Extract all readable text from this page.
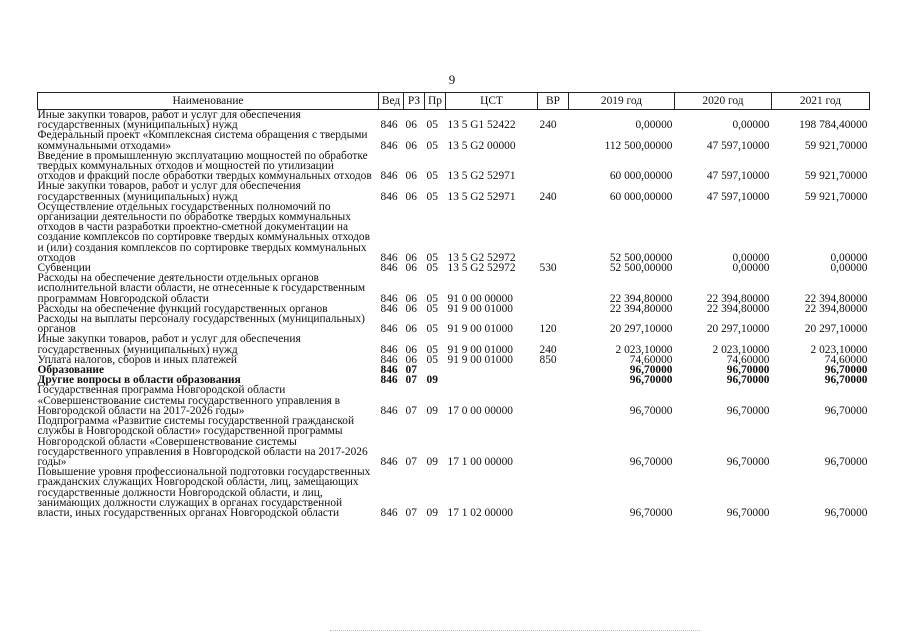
9
Наименование	Вед	РЗ	Пр	ЦСТ	ВР	2019 год	2020 год	2021 год
Иные закупки товаров, работ и услуг для обеспечения государственных (муниципальных) нужд	846	06	05	13 5 G1 52422	240	0,00000	0,00000	198 784,40000
Федеральный проект «Комплексная система обращения с твердыми коммунальными отходами»	846	06	05	13 5 G2 00000		112 500,00000	47 597,10000	59 921,70000
Введение в промышленную эксплуатацию мощностей по обработке твердых коммунальных отходов и мощностей по утилизации отходов и фракций после обработки твердых коммунальных отходов	846	06	05	13 5 G2 52971		60 000,00000	47 597,10000	59 921,70000
Иные закупки товаров, работ и услуг для обеспечения государственных (муниципальных) нужд	846	06	05	13 5 G2 52971	240	60 000,00000	47 597,10000	59 921,70000
Осуществление отдельных государственных полномочий по организации деятельности по обработке твердых коммунальных отходов в части разработки проектно-сметной документации на создание комплексов по сортировке твердых коммунальных отходов и (или) создания комплексов по сортировке твердых коммунальных отходов	846	06	05	13 5 G2 52972		52 500,00000	0,00000	0,00000
Субвенции	846	06	05	13 5 G2 52972	530	52 500,00000	0,00000	0,00000
Расходы на обеспечение деятельности отдельных органов исполнительной власти области, не отнесенные к государственным программам Новгородской области	846	06	05	91 0 00 00000		22 394,80000	22 394,80000	22 394,80000
Расходы на обеспечение функций государственных органов	846	06	05	91 9 00 01000		22 394,80000	22 394,80000	22 394,80000
Расходы на выплаты персоналу государственных (муниципальных) органов	846	06	05	91 9 00 01000	120	20 297,10000	20 297,10000	20 297,10000
Иные закупки товаров, работ и услуг для обеспечения государственных (муниципальных) нужд	846	06	05	91 9 00 01000	240	2 023,10000	2 023,10000	2 023,10000
Уплата налогов, сборов и иных платежей	846	06	05	91 9 00 01000	850	74,60000	74,60000	74,60000
Образование	846	07				96,70000	96,70000	96,70000
Другие вопросы в области образования	846	07	09			96,70000	96,70000	96,70000
Государственная программа Новгородской области «Совершенствование системы государственного управления в Новгородской области на 2017-2026 годы»	846	07	09	17 0 00 00000		96,70000	96,70000	96,70000
Подпрограмма «Развитие системы государственной гражданской службы в Новгородской области» государственной программы Новгородской области «Совершенствование системы государственного управления в Новгородской области на 2017-2026 годы»	846	07	09	17 1 00 00000		96,70000	96,70000	96,70000
Повышение уровня профессиональной подготовки государственных гражданских служащих Новгородской области, лиц, замещающих государственные должности Новгородской области, и лиц, занимающих должности служащих в органах государственной власти, иных государственных органах Новгородской области	846	07	09	17 1 02 00000		96,70000	96,70000	96,70000
